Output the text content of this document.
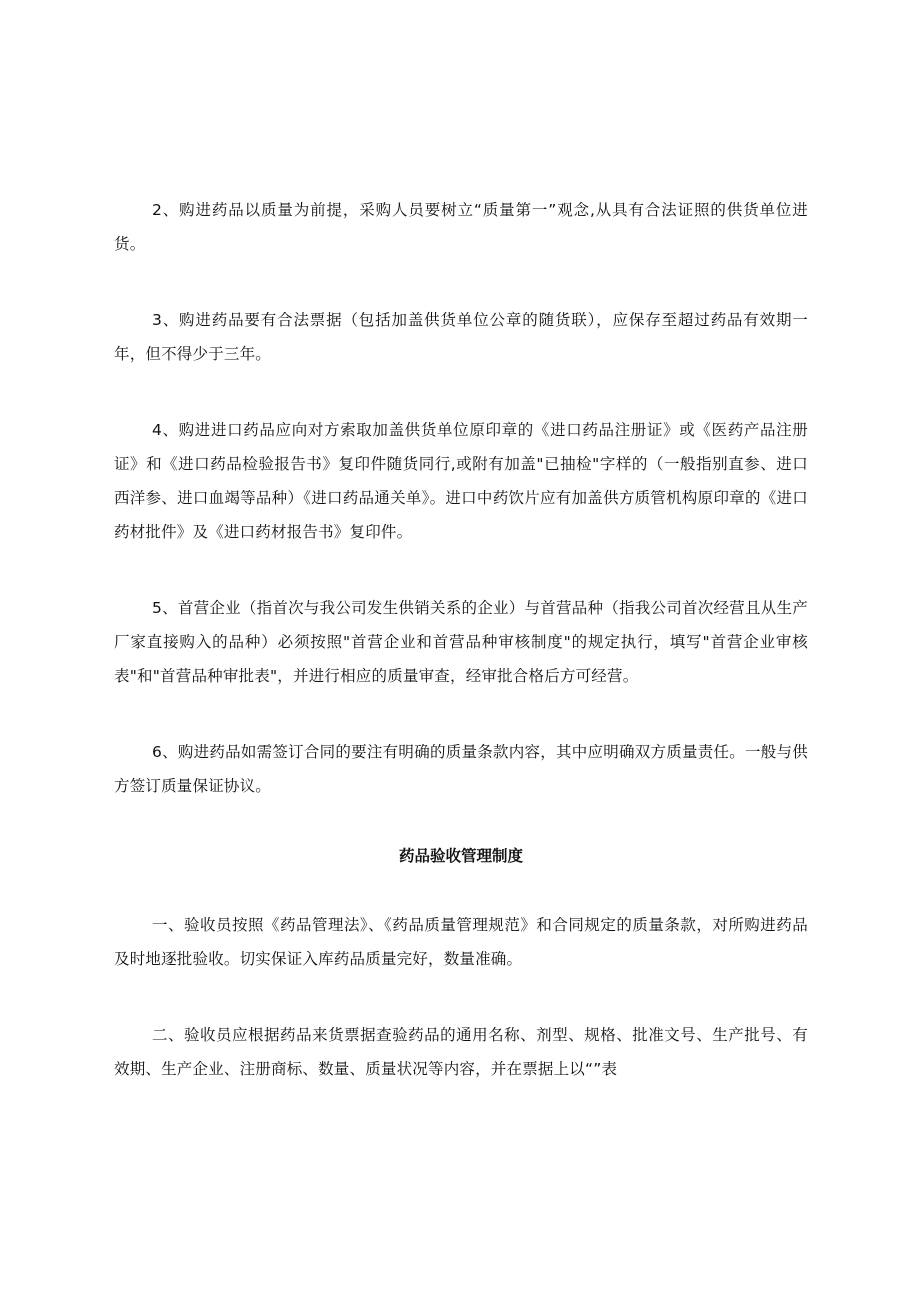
2、购进药品以质量为前提，采购人员要树立“质量第一”观念,从具有合法证照的供货单位进货。

3、购进药品要有合法票据（包括加盖供货单位公章的随货联），应保存至超过药品有效期一年，但不得少于三年。

4、购进进口药品应向对方索取加盖供货单位原印章的《进口药品注册证》或《医药产品注册证》和《进口药品检验报告书》复印件随货同行,或附有加盖"已抽检"字样的（一般指别直参、进口西洋参、进口血竭等品种）《进口药品通关单》。进口中药饮片应有加盖供方质管机构原印章的《进口药材批件》及《进口药材报告书》复印件。

5、首营企业（指首次与我公司发生供销关系的企业）与首营品种（指我公司首次经营且从生产厂家直接购入的品种）必须按照"首营企业和首营品种审核制度"的规定执行，填写"首营企业审核表"和"首营品种审批表"，并进行相应的质量审查，经审批合格后方可经营。

6、购进药品如需签订合同的要注有明确的质量条款内容，其中应明确双方质量责任。一般与供方签订质量保证协议。

药品验收管理制度

一、验收员按照《药品管理法》、《药品质量管理规范》和合同规定的质量条款，对所购进药品及时地逐批验收。切实保证入库药品质量完好，数量准确。

二、验收员应根据药品来货票据查验药品的通用名称、剂型、规格、批准文号、生产批号、有效期、生产企业、注册商标、数量、质量状况等内容，并在票据上以“”表
